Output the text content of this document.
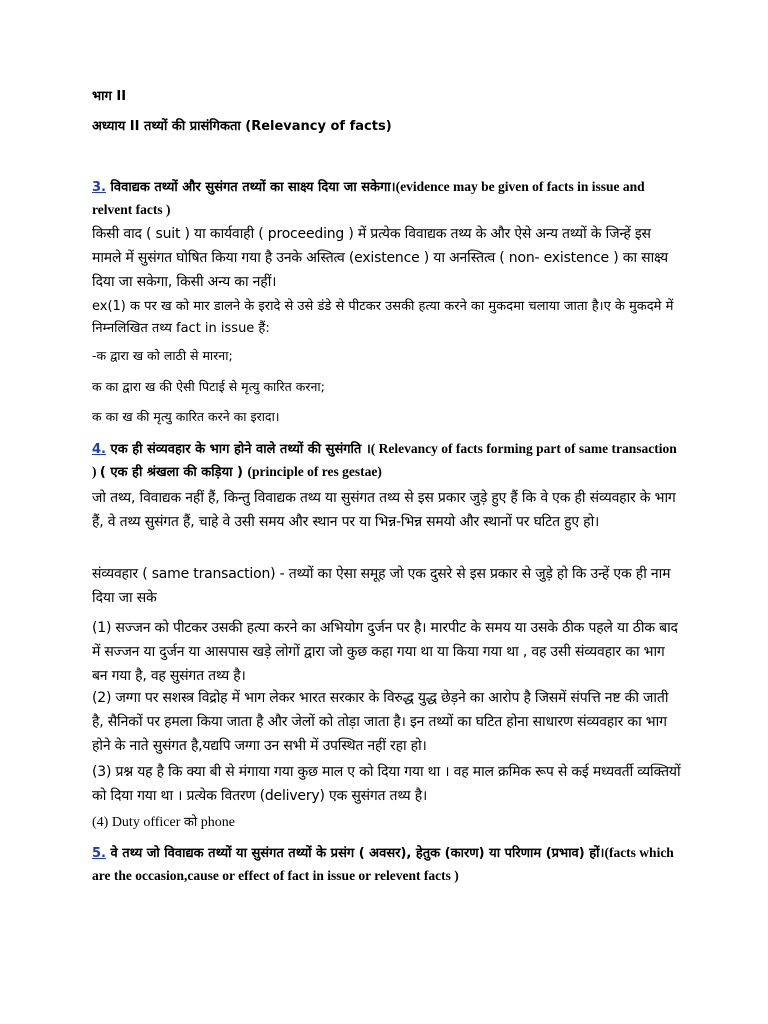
भाग II

अध्याय II तथ्यों की प्रासंगिकता (Relevancy of facts)

3. विवाद्यक तथ्यों और सुसंगत तथ्यों का साक्ष्य दिया जा सकेगा।(evidence may be given of facts in issue and relvent facts )

किसी वाद ( suit ) या कार्यवाही ( proceeding ) में प्रत्येक विवाद्यक तथ्य के और ऐसे अन्य तथ्यों के जिन्हें इस मामले में सुसंगत घोषित किया गया है उनके अस्तित्व (existence ) या अनस्तित्व ( non- existence ) का साक्ष्य दिया जा सकेगा, किसी अन्य का नहीं।

ex(1) क पर ख को मार डालने के इरादे से उसे डंडे से पीटकर उसकी हत्या करने का मुकदमा चलाया जाता है।ए के मुकदमे में निम्नलिखित तथ्य fact in issue हैं:

-क द्वारा ख को लाठी से मारना;

क का द्वारा ख की ऐसी पिटाई से मृत्यु कारित करना;

क का ख की मृत्यु कारित करने का इरादा।

4. एक ही संव्यवहार के भाग होने वाले तथ्यों की सुसंगति ।( Relevancy of facts forming part of same transaction ) ( एक ही श्रंखला की कड़िया ) (principle of res gestae)

जो तथ्य, विवाद्यक नहीं हैं, किन्तु विवाद्यक तथ्य या सुसंगत तथ्य से इस प्रकार जुड़े हुए हैं कि वे एक ही संव्यवहार के भाग हैं, वे तथ्य सुसंगत हैं, चाहे वे उसी समय और स्थान पर या भिन्न-भिन्न समयो और स्थानों पर घटित हुए हो।

संव्यवहार ( same transaction) - तथ्यों का ऐसा समूह जो एक दुसरे से इस प्रकार से जुड़े हो कि उन्हें एक ही नाम दिया जा सके

(1) सज्जन को पीटकर उसकी हत्या करने का अभियोग दुर्जन पर है। मारपीट के समय या उसके ठीक पहले या ठीक बाद में सज्जन या दुर्जन या आसपास खड़े लोगों द्वारा जो कुछ कहा गया था या किया गया था , वह उसी संव्यवहार का भाग बन गया है, वह सुसंगत तथ्य है।

(2) जग्गा पर सशस्त्र विद्रोह में भाग लेकर भारत सरकार के विरुद्ध युद्ध छेड़ने का आरोप है जिसमें संपत्ति नष्ट की जाती है, सैनिकों पर हमला किया जाता है और जेलों को तोड़ा जाता है। इन तथ्यों का घटित होना साधारण संव्यवहार का भाग होने के नाते सुसंगत है,यद्यपि जग्गा उन सभी में उपस्थित नहीं रहा हो।

(3) प्रश्न यह है कि क्या बी से मंगाया गया कुछ माल ए को दिया गया था । वह माल क्रमिक रूप से कई मध्यवर्ती व्यक्तियों को दिया गया था । प्रत्येक वितरण (delivery) एक सुसंगत तथ्य है।

(4) Duty officer को phone

5. वे तथ्य जो विवाद्यक तथ्यों या सुसंगत तथ्यों के प्रसंग ( अवसर), हेतुक (कारण) या परिणाम (प्रभाव) हों।(facts which are the occasion,cause or effect of fact in issue or relevent facts )
